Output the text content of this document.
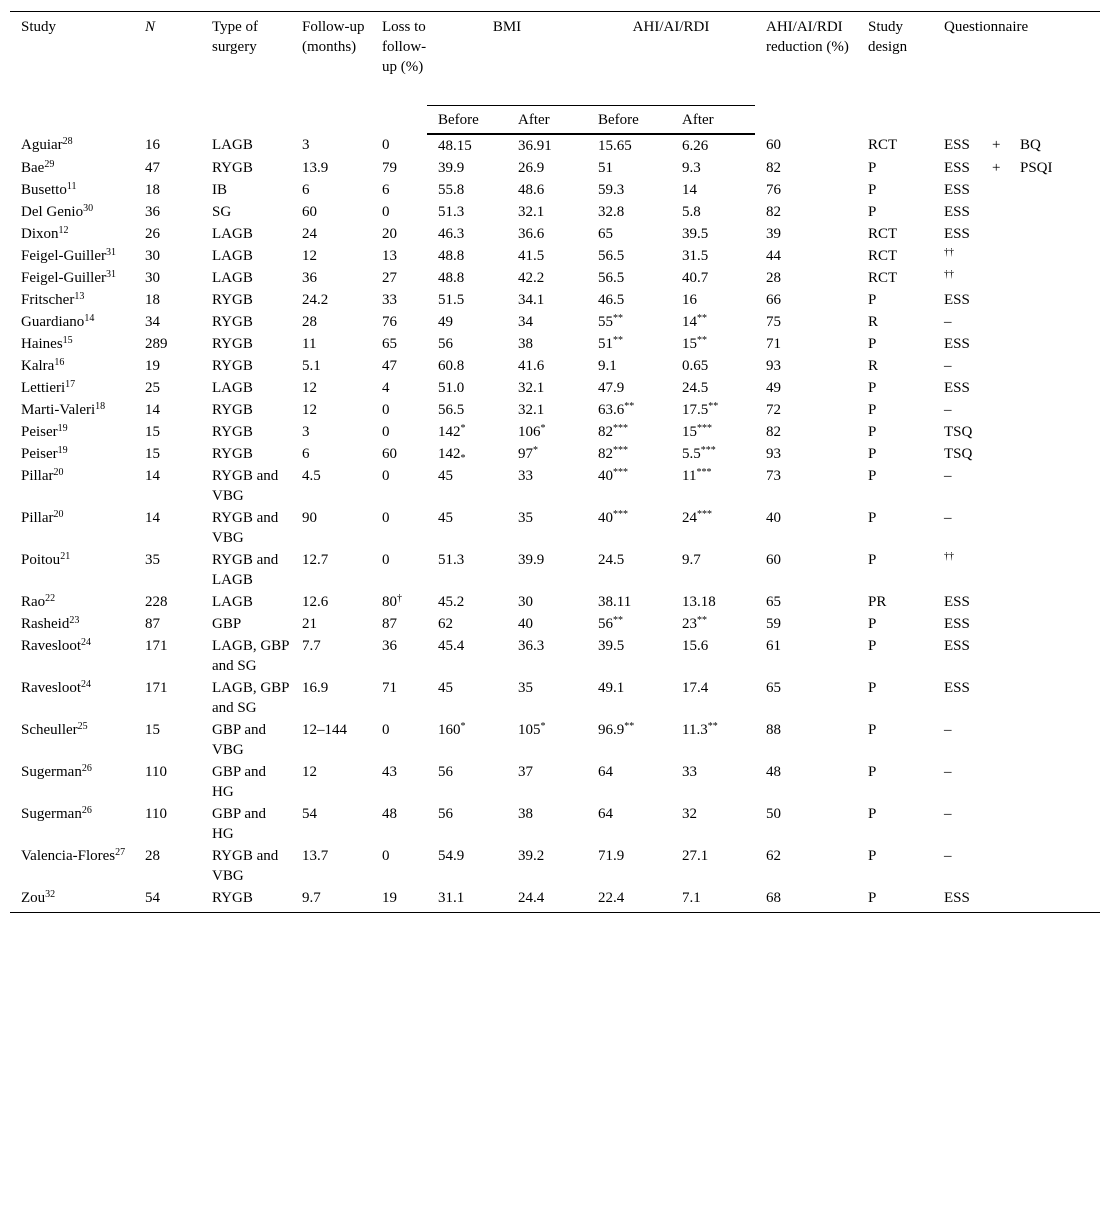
Study	N	Type of surgery	Follow-up (months)	Loss to follow-up (%)	BMI		AHI/AI/RDI		AHI/AI/RDI reduction (%)	Study design	Questionnaire
					Before	After	Before	After			
Aguiar$^{28}$	16	LAGB	3	0	48.15	36.91	15.65	6.26	60	RCT	ESS + BQ
Bae$^{29}$	47	RYGB	13.9	79	39.9	26.9	51	9.3	82	P	ESS + PSQI
Busetto$^{11}$	18	IB	6	6	55.8	48.6	59.3	14	76	P	ESS
Del Genio$^{30}$	36	SG	60	0	51.3	32.1	32.8	5.8	82	P	ESS
Dixon$^{12}$	26	LAGB	24	20	46.3	36.6	65	39.5	39	RCT	ESS
Feigel-Guiller$^{31}$	30	LAGB	12	13	48.8	41.5	56.5	31.5	44	RCT	††
Feigel-Guiller$^{31}$	30	LAGB	36	27	48.8	42.2	56.5	40.7	28	RCT	††
Fritscher$^{13}$	18	RYGB	24.2	33	51.5	34.1	46.5	16	66	P	ESS
Guardiano$^{14}$	34	RYGB	28	76	49	34	55**	14**	75	R	–
Haines$^{15}$	289	RYGB	11	65	56	38	51**	15**	71	P	ESS
Kalra$^{16}$	19	RYGB	5.1	47	60.8	41.6	9.1	0.65	93	R	–
Lettieri$^{17}$	25	LAGB	12	4	51.0	32.1	47.9	24.5	49	P	ESS
Marti-Valeri$^{18}$	14	RYGB	12	0	56.5	32.1	63.6**	17.5**	72	P	–
Peiser$^{19}$	15	RYGB	3	0	142*	106*	82***	15***	82	P	TSQ
Peiser$^{19}$	15	RYGB	6	60	$142_*$	97*	82***	5.5***	93	P	TSQ
Pillar$^{20}$	14	RYGB and VBG	4.5	0	45	33	40***	11***	73	P	–
Pillar$^{20}$	14	RYGB and VBG	90	0	45	35	40***	24***	40	P	–
Poitou$^{21}$	35	RYGB and LAGB	12.7	0	51.3	39.9	24.5	9.7	60	P	††
Rao$^{22}$	228	LAGB	12.6	80†	45.2	30	38.11	13.18	65	PR	ESS
Rasheid$^{23}$	87	GBP	21	87	62	40	56**	23**	59	P	ESS
Ravesloot$^{24}$	171	LAGB, GBP and SG	7.7	36	45.4	36.3	39.5	15.6	61	P	ESS
Ravesloot$^{24}$	171	LAGB, GBP and SG	16.9	71	45	35	49.1	17.4	65	P	ESS
Scheuller$^{25}$	15	GBP and VBG	12–144	0	160*	105*	96.9**	11.3**	88	P	–
Sugerman$^{26}$	110	GBP and HG	12	43	56	37	64	33	48	P	–
Sugerman$^{26}$	110	GBP and HG	54	48	56	38	64	32	50	P	–
Valencia-Flores$^{27}$	28	RYGB and VBG	13.7	0	54.9	39.2	71.9	27.1	62	P	–
Zou$^{32}$	54	RYGB	9.7	19	31.1	24.4	22.4	7.1	68	P	ESS
